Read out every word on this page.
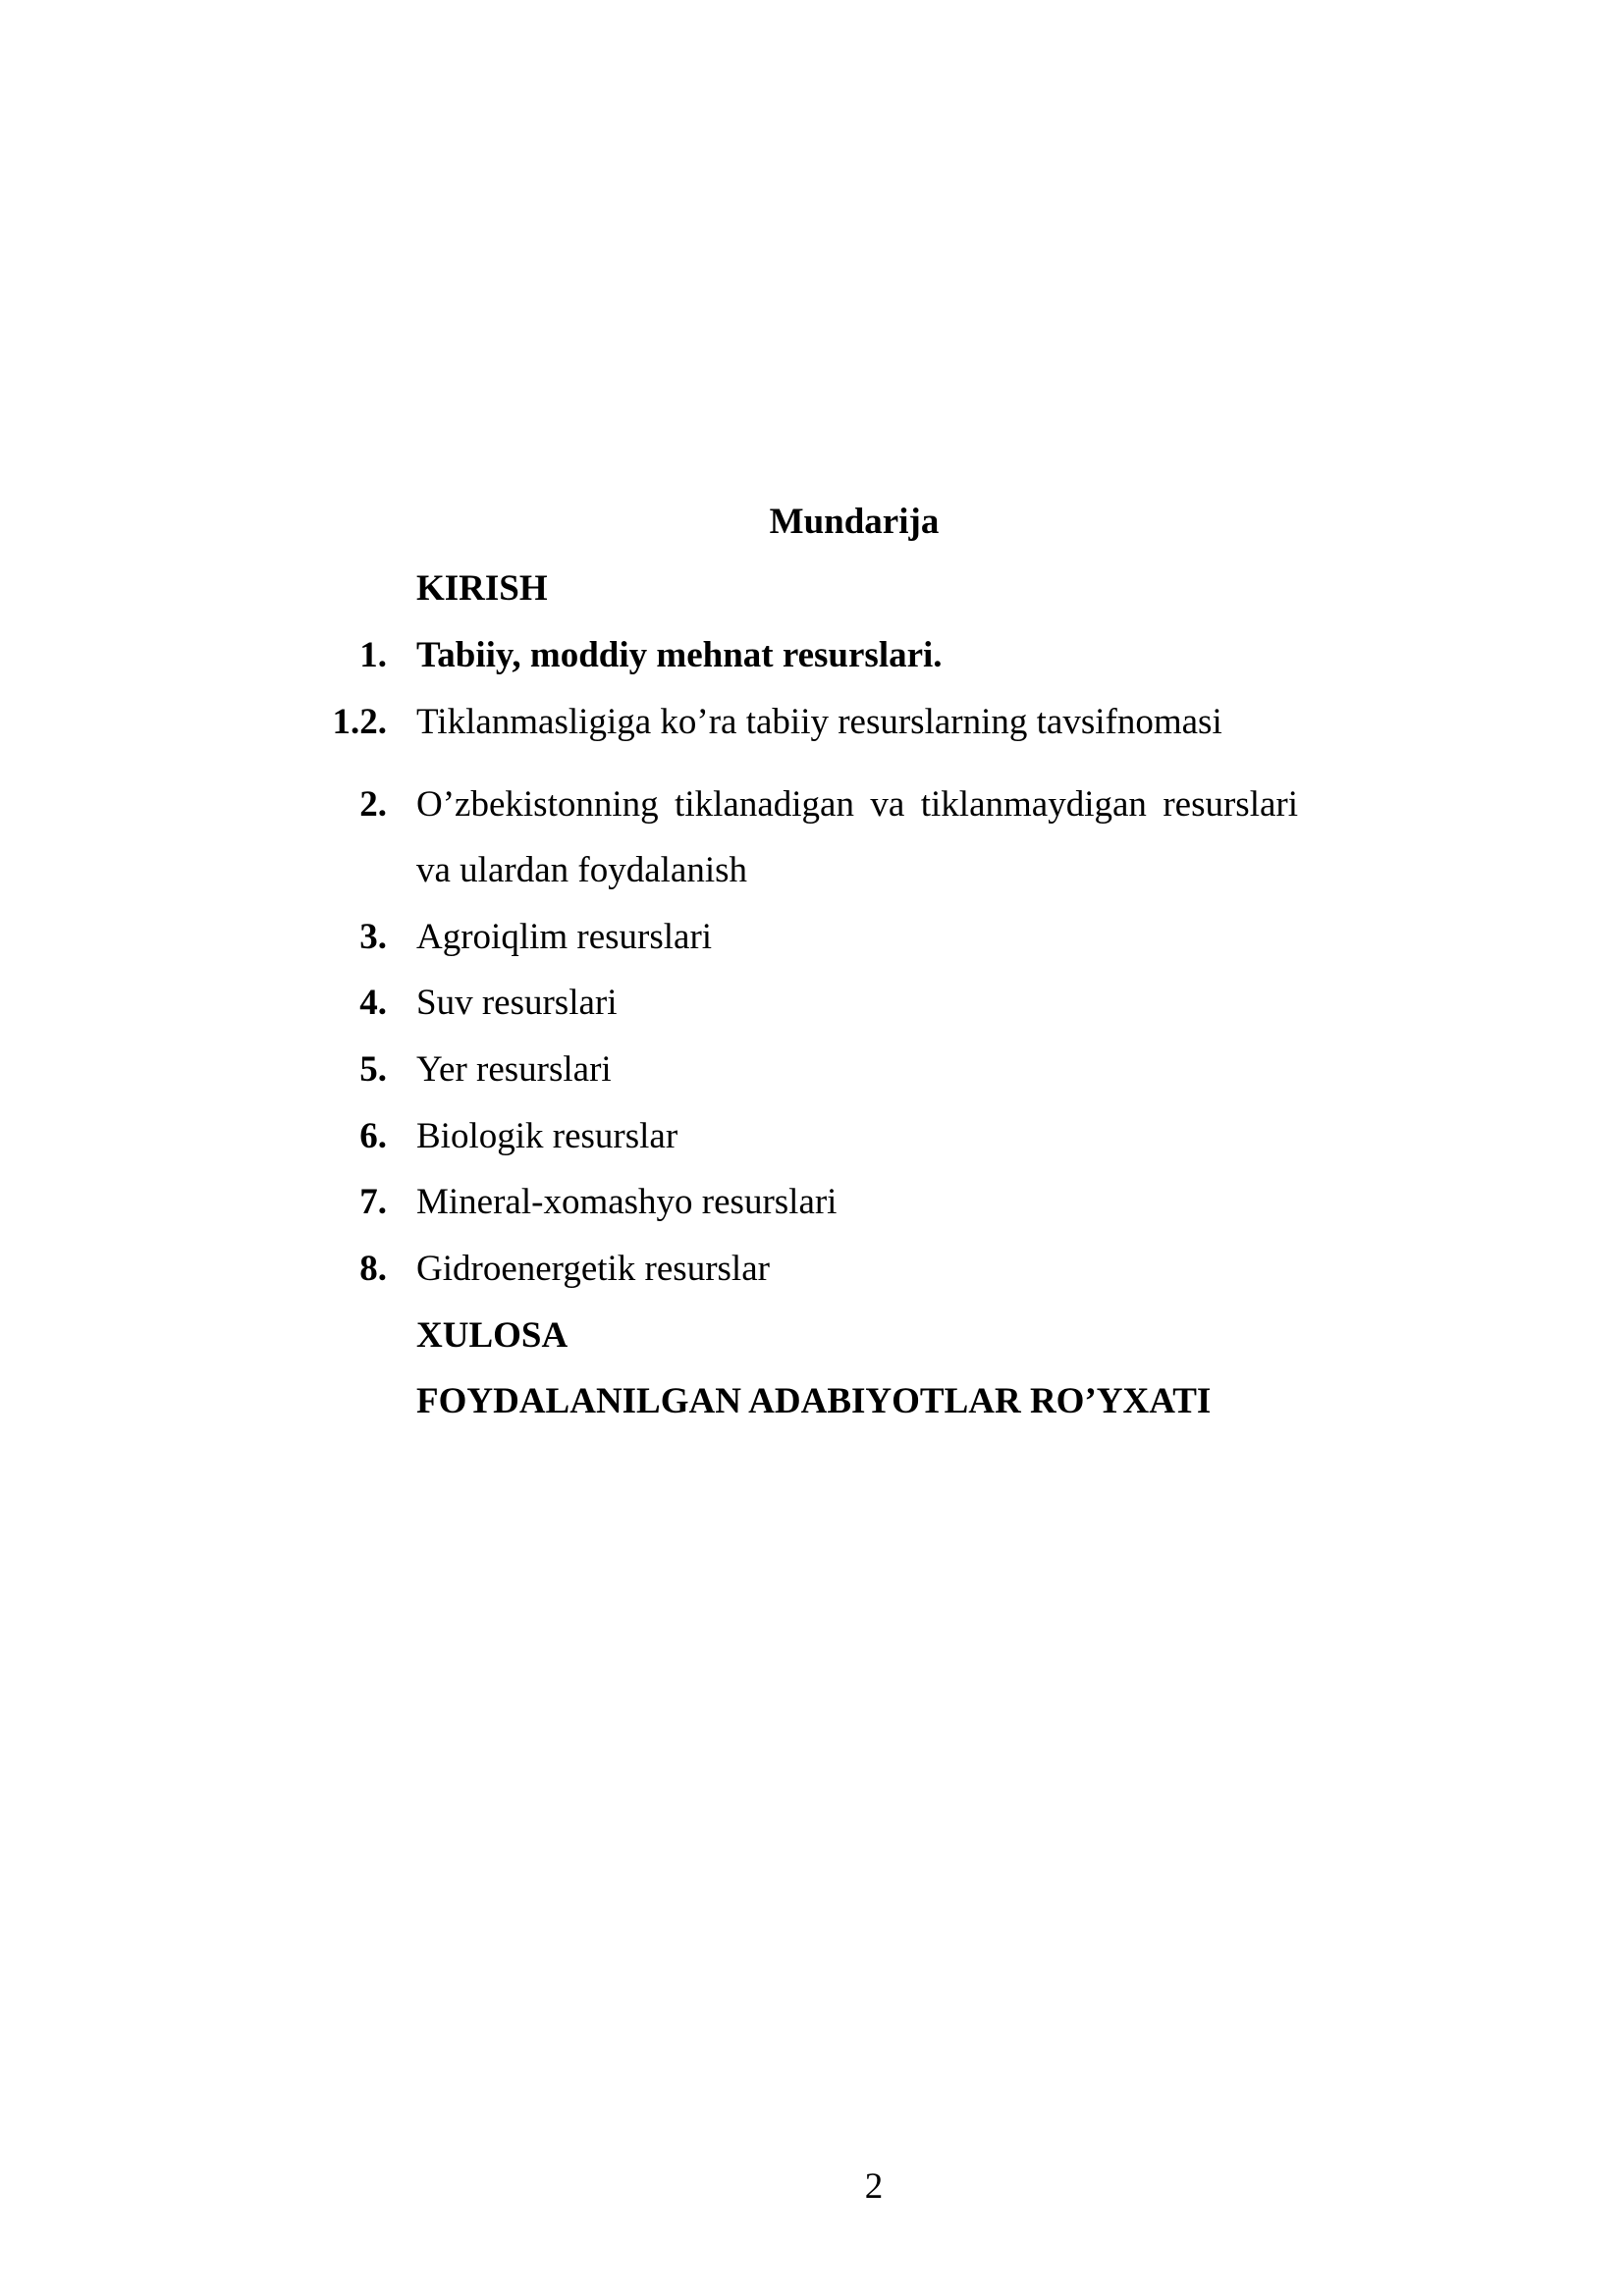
Mundarija
KIRISH
1. Tabiiy, moddiy mehnat resurslari.
1.2. Tiklanmasligiga ko’ra tabiiy resurslarning tavsifnomasi
2. O’zbekistonning tiklanadigan va tiklanmaydigan resurslari
va ulardan foydalanish
3. Agroiqlim resurslari
4. Suv resurslari
5. Yer resurslari
6. Biologik resurslar
7. Mineral-xomashyo resurslari
8. Gidroenergetik resurslar
XULOSA
FOYDALANILGAN ADABIYOTLAR RO’YXATI
2
